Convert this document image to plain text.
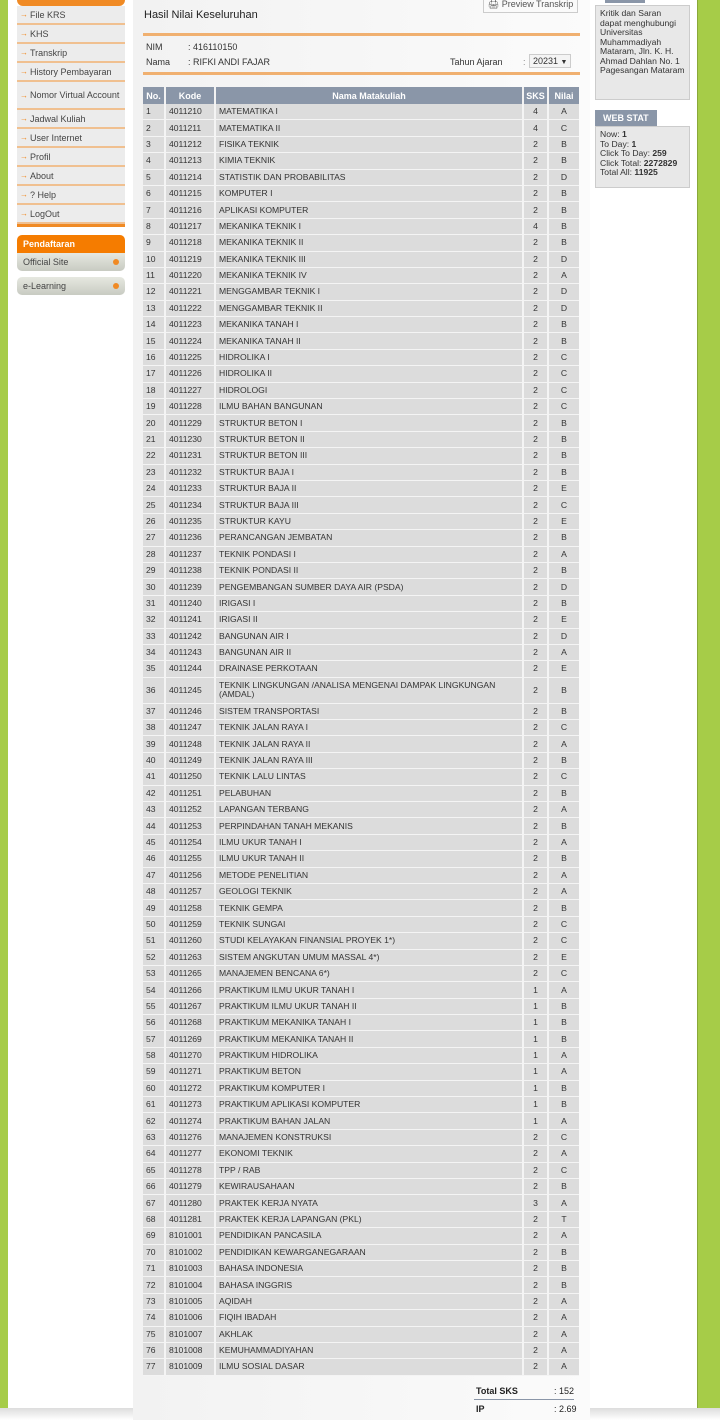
→ File KRS
→ KHS
→ Transkrip
→ History Pembayaran
→ Nomor Virtual Account
→ Jadwal Kuliah
→ User Internet
→ Profil
→ About
→ ? Help
→ LogOut
Pendaftaran
Official Site
e-Learning
🖨 Preview Transkrip
Hasil Nilai Keseluruhan
NIM	: 416110150
Nama : RIFKI ANDI FAJAR	Tahun Ajaran : 20231 ▼
No.	Kode	Nama Matakuliah	SKS	Nilai
1	4011210	MATEMATIKA I	4	A
2	4011211	MATEMATIKA II	4	C
3	4011212	FISIKA TEKNIK	2	B
4	4011213	KIMIA TEKNIK	2	B
5	4011214	STATISTIK DAN PROBABILITAS	2	D
6	4011215	KOMPUTER I	2	B
7	4011216	APLIKASI KOMPUTER	2	B
8	4011217	MEKANIKA TEKNIK I	4	B
9	4011218	MEKANIKA TEKNIK II	2	B
10	4011219	MEKANIKA TEKNIK III	2	D
11	4011220	MEKANIKA TEKNIK IV	2	A
12	4011221	MENGGAMBAR TEKNIK I	2	D
13	4011222	MENGGAMBAR TEKNIK II	2	D
14	4011223	MEKANIKA TANAH I	2	B
15	4011224	MEKANIKA TANAH II	2	B
16	4011225	HIDROLIKA I	2	C
17	4011226	HIDROLIKA II	2	C
18	4011227	HIDROLOGI	2	C
19	4011228	ILMU BAHAN BANGUNAN	2	C
20	4011229	STRUKTUR BETON I	2	B
21	4011230	STRUKTUR BETON II	2	B
22	4011231	STRUKTUR BETON III	2	B
23	4011232	STRUKTUR BAJA I	2	B
24	4011233	STRUKTUR BAJA II	2	E
25	4011234	STRUKTUR BAJA III	2	C
26	4011235	STRUKTUR KAYU	2	E
27	4011236	PERANCANGAN JEMBATAN	2	B
28	4011237	TEKNIK PONDASI I	2	A
29	4011238	TEKNIK PONDASI II	2	B
30	4011239	PENGEMBANGAN SUMBER DAYA AIR (PSDA)	2	D
31	4011240	IRIGASI I	2	B
32	4011241	IRIGASI II	2	E
33	4011242	BANGUNAN AIR I	2	D
34	4011243	BANGUNAN AIR II	2	A
35	4011244	DRAINASE PERKOTAAN	2	E
36	4011245	TEKNIK LINGKUNGAN /ANALISA MENGENAI DAMPAK LINGKUNGAN (AMDAL)	2	B
37	4011246	SISTEM TRANSPORTASI	2	B
38	4011247	TEKNIK JALAN RAYA I	2	C
39	4011248	TEKNIK JALAN RAYA II	2	A
40	4011249	TEKNIK JALAN RAYA III	2	B
41	4011250	TEKNIK LALU LINTAS	2	C
42	4011251	PELABUHAN	2	B
43	4011252	LAPANGAN TERBANG	2	A
44	4011253	PERPINDAHAN TANAH MEKANIS	2	B
45	4011254	ILMU UKUR TANAH I	2	A
46	4011255	ILMU UKUR TANAH II	2	B
47	4011256	METODE PENELITIAN	2	A
48	4011257	GEOLOGI TEKNIK	2	A
49	4011258	TEKNIK GEMPA	2	B
50	4011259	TEKNIK SUNGAI	2	C
51	4011260	STUDI KELAYAKAN FINANSIAL PROYEK 1*)	2	C
52	4011263	SISTEM ANGKUTAN UMUM MASSAL 4*)	2	E
53	4011265	MANAJEMEN BENCANA 6*)	2	C
54	4011266	PRAKTIKUM ILMU UKUR TANAH I	1	A
55	4011267	PRAKTIKUM ILMU UKUR TANAH II	1	B
56	4011268	PRAKTIKUM MEKANIKA TANAH I	1	B
57	4011269	PRAKTIKUM MEKANIKA TANAH II	1	B
58	4011270	PRAKTIKUM HIDROLIKA	1	A
59	4011271	PRAKTIKUM BETON	1	A
60	4011272	PRAKTIKUM KOMPUTER I	1	B
61	4011273	PRAKTIKUM APLIKASI KOMPUTER	1	B
62	4011274	PRAKTIKUM BAHAN JALAN	1	A
63	4011276	MANAJEMEN KONSTRUKSI	2	C
64	4011277	EKONOMI TEKNIK	2	A
65	4011278	TPP / RAB	2	C
66	4011279	KEWIRAUSAHAAN	2	B
67	4011280	PRAKTEK KERJA NYATA	3	A
68	4011281	PRAKTEK KERJA LAPANGAN (PKL)	2	T
69	8101001	PENDIDIKAN PANCASILA	2	A
70	8101002	PENDIDIKAN KEWARGANEGARAAN	2	B
71	8101003	BAHASA INDONESIA	2	B
72	8101004	BAHASA INGGRIS	2	B
73	8101005	AQIDAH	2	A
74	8101006	FIQIH IBADAH	2	A
75	8101007	AKHLAK	2	A
76	8101008	KEMUHAMMADIYAHAN	2	A
77	8101009	ILMU SOSIAL DASAR	2	A
Total SKS	: 152
IP	: 2.69
Kritik dan Saran dapat menghubungi Universitas Muhammadiyah Mataram, Jln. K. H. Ahmad Dahlan No. 1 Pagesangan Mataram
WEB STAT
Now: 1
To Day: 1
Click To Day: 259
Click Total: 2272829
Total All: 11925
